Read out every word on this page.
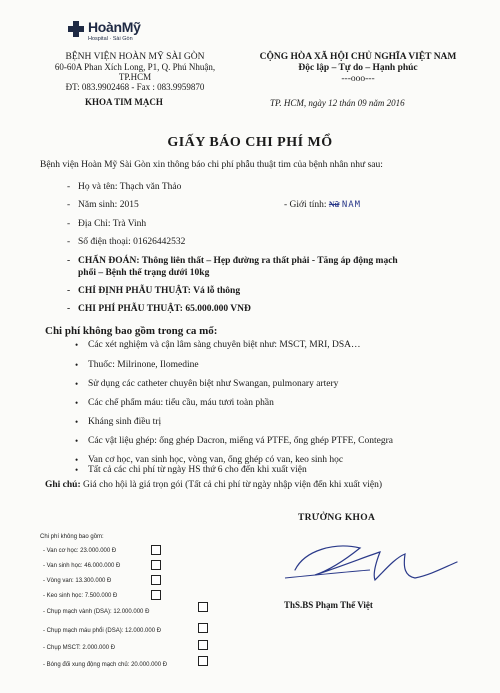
HoànMỹ
Hospital · Sài Gòn
BỆNH VIỆN HOÀN MỸ SÀI GÒN
60-60A Phan Xích Long, P1, Q. Phú Nhuận, TP.HCM
ĐT: 083.9902468 - Fax : 083.9959870
CỘNG HÒA XÃ HỘI CHỦ NGHĨA VIỆT NAM
Độc lập – Tự do – Hạnh phúc
---ooo---
KHOA TIM MẠCH	TP. HCM, ngày 12 thán 09 năm 2016
GIẤY BÁO CHI PHÍ MỔ
Bệnh viện Hoàn Mỹ Sài Gòn xin thông báo chi phí phẫu thuật tim của bệnh nhân như sau:
- Họ và tên: Thạch văn Thảo
- Năm sinh: 2015	- Giới tính: Nữ NAM
- Địa Chỉ: Trà Vinh
- Số điện thoại: 01626442532
- CHẨN ĐOÁN: Thông liên thất – Hẹp đường ra thất phải - Tăng áp động mạch
phổi – Bệnh thể trạng dưới 10kg
- CHỈ ĐỊNH PHẪU THUẬT: Vá lỗ thông
- CHI PHÍ PHẪU THUẬT: 65.000.000 VNĐ
Chi phí không bao gồm trong ca mổ:
• Các xét nghiệm và cận lâm sàng chuyên biệt như: MSCT, MRI, DSA…
• Thuốc: Milrinone, Ilomedine
• Sử dụng các catheter chuyên biệt như Swangan, pulmonary artery
• Các chế phẩm máu: tiểu cầu, máu tươi toàn phần
• Kháng sinh điều trị
• Các vật liệu ghép: ống ghép Dacron, miếng vá PTFE, ống ghép PTFE, Contegra
• Van cơ học, van sinh học, vòng van, ống ghép có van, keo sinh học
• Tất cả các chi phí từ ngày HS thứ 6 cho đến khi xuất viện
Ghi chú: Giá cho hội là giá trọn gói (Tất cả chi phí từ ngày nhập viện đến khi xuất viện)
TRƯỞNG KHOA
ThS.BS Phạm Thế Việt
Chi phí không bao gồm:
- Van cơ học: 23.000.000 Đ
- Van sinh học: 46.000.000 Đ
- Vòng van: 13.300.000 Đ
- Keo sinh học: 7.500.000 Đ
- Chụp mạch vành (DSA): 12.000.000 Đ
- Chụp mạch máu phổi (DSA): 12.000.000 Đ
- Chụp MSCT: 2.000.000 Đ
- Bóng đối xung động mạch chủ: 20.000.000 Đ
